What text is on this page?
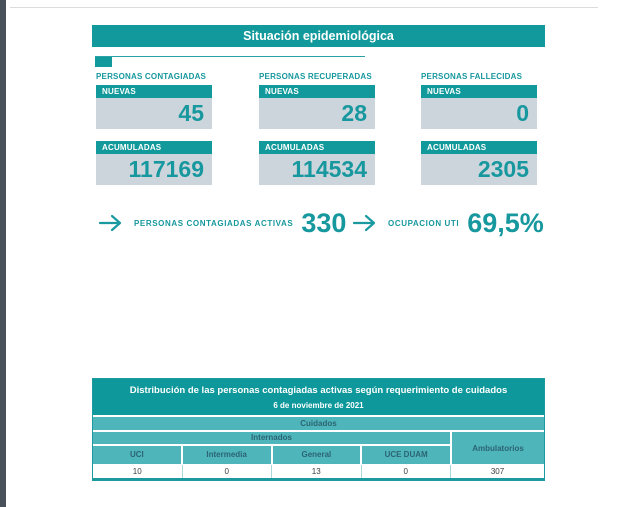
Situación epidemiológica
PERSONAS CONTAGIADAS
NUEVAS
45
ACUMULADAS
117169
PERSONAS RECUPERADAS
NUEVAS
28
ACUMULADAS
114534
PERSONAS FALLECIDAS
NUEVAS
0
ACUMULADAS
2305
PERSONAS CONTAGIADAS ACTIVAS 330	OCUPACION UTI 69,5%
Distribución de las personas contagiadas activas según requerimiento de cuidados
6 de noviembre de 2021
Cuidados
Internados
UCI	Intermedia	General	UCE DUAM
Ambulatorios
10	0	13	0	307
